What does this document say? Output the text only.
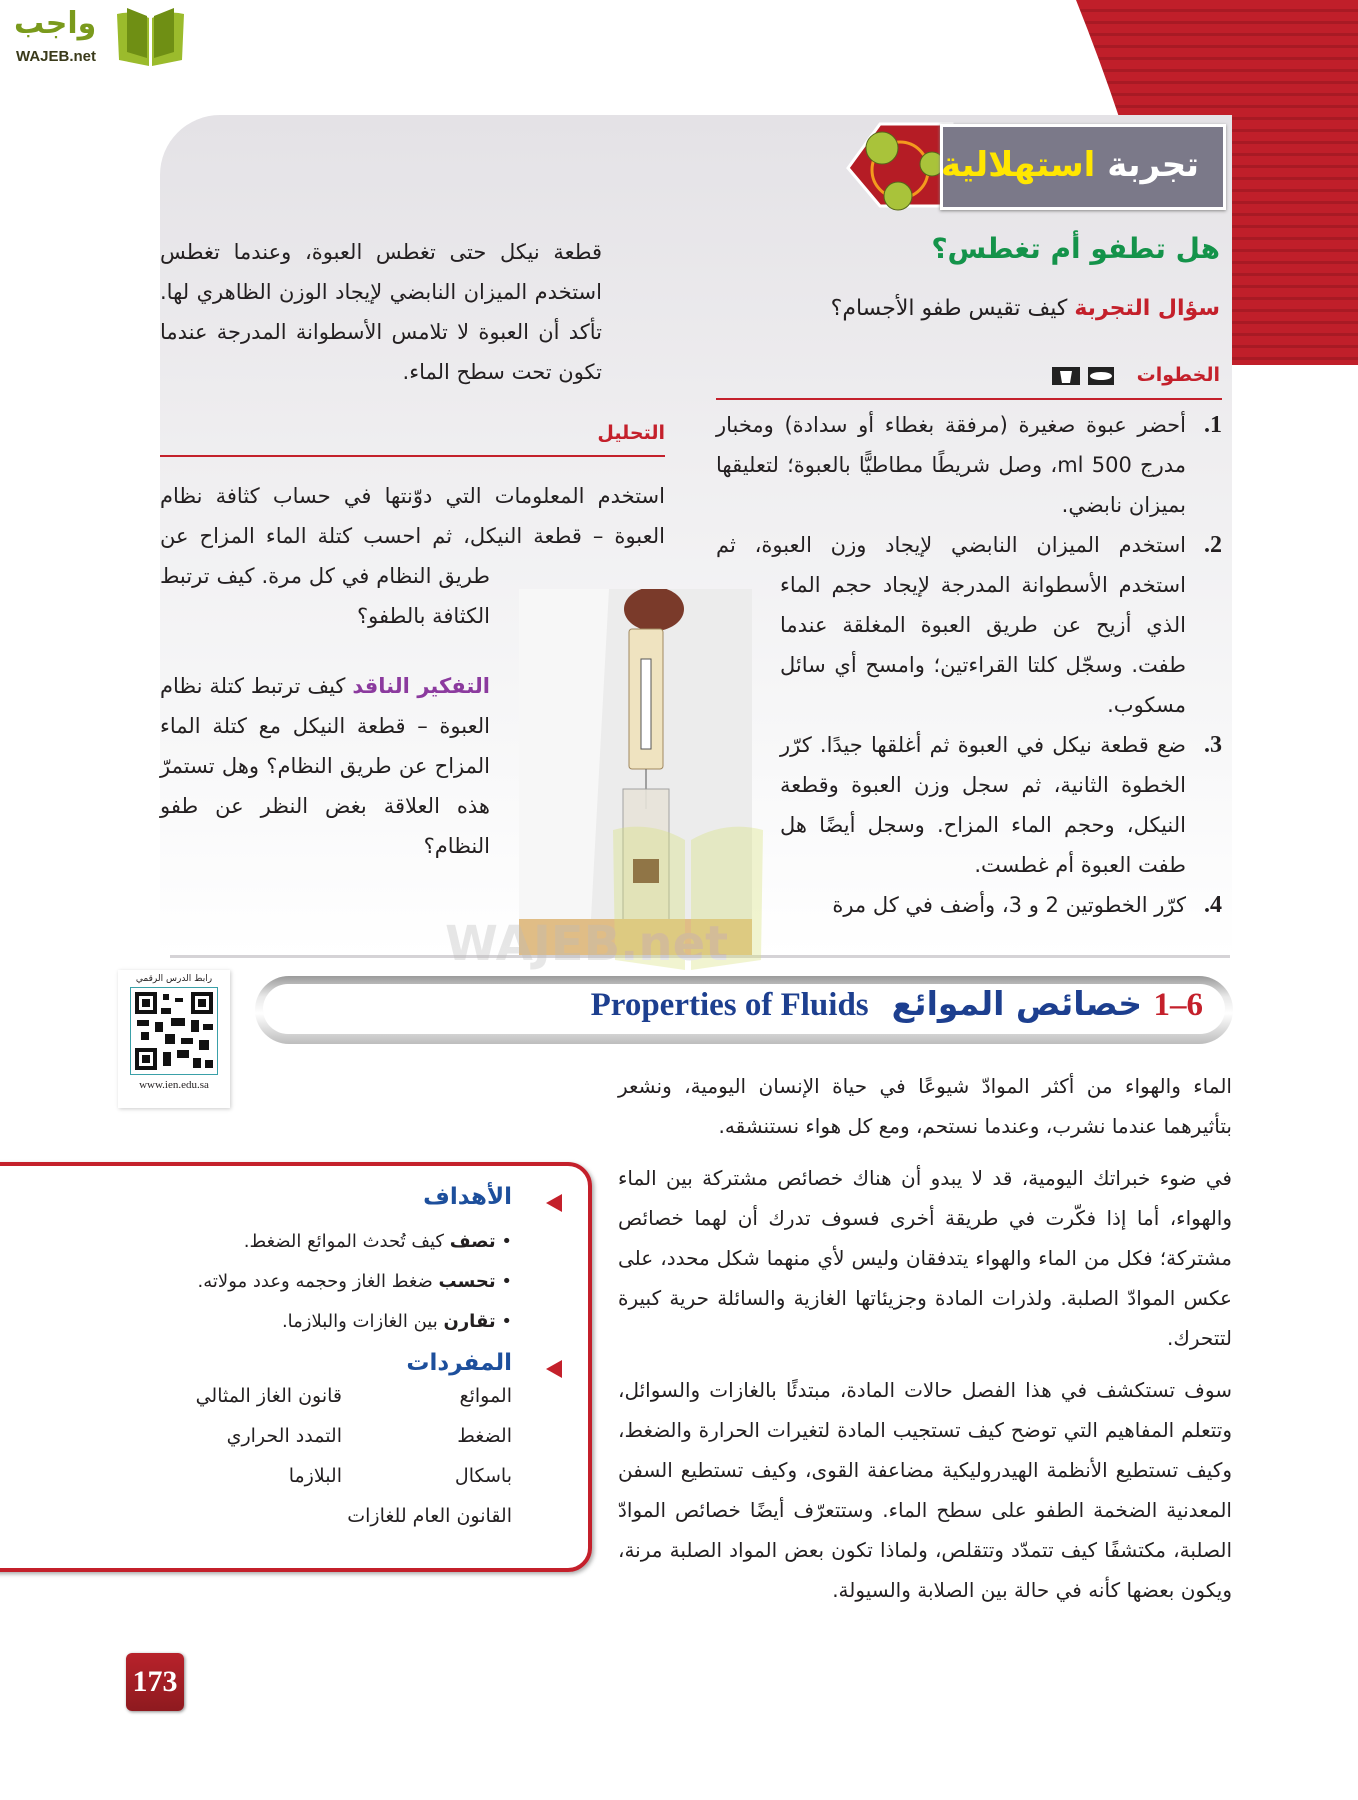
واجب
WAJEB.net
تجربة استهلالية
هل تطفو أم تغطس؟
سؤال التجربة كيف تقيس طفو الأجسام؟
الخطوات
1.
أحضر عبوة صغيرة (مرفقة بغطاء أو سدادة) ومخبار مدرج 500 ml، وصل شريطًا مطاطيًّا بالعبوة؛ لتعليقها بميزان نابضي.
2.
استخدم الميزان النابضي لإيجاد وزن العبوة، ثم استخدم الأسطوانة المدرجة لإيجاد حجم الماء الذي أزيح عن طريق العبوة المغلقة عندما طفت. وسجّل كلتا القراءتين؛ وامسح أي سائل مسكوب.
3.
ضع قطعة نيكل في العبوة ثم أغلقها جيدًا. كرّر الخطوة الثانية، ثم سجل وزن العبوة وقطعة النيكل، وحجم الماء المزاح. وسجل أيضًا هل طفت العبوة أم غطست.
4.
كرّر الخطوتين 2 و 3، وأضف في كل مرة
قطعة نيكل حتى تغطس العبوة، وعندما تغطس استخدم الميزان النابضي لإيجاد الوزن الظاهري لها. تأكد أن العبوة لا تلامس الأسطوانة المدرجة عندما تكون تحت سطح الماء.
التحليل

استخدم المعلومات التي دوّنتها في حساب كثافة نظام العبوة – قطعة النيكل، ثم احسب كتلة الماء المزاح عن طريق النظام في كل مرة. كيف ترتبط الكثافة بالطفو؟

التفكير الناقد كيف ترتبط كتلة نظام العبوة – قطعة النيكل مع كتلة الماء المزاح عن طريق النظام؟ وهل تستمرّ هذه العلاقة بغض النظر عن طفو النظام؟

WAJEB.net
6–1 خصائص الموائع  Properties of Fluids
رابط الدرس الرقمي
www.ien.edu.sa
الأهداف
• تصف كيف تُحدث الموائع الضغط.
• تحسب ضغط الغاز وحجمه وعدد مولاته.
• تقارن بين الغازات والبلازما.
المفردات
الموائعقانون الغاز المثالي الضغطالتمدد الحراري باسكالالبلازما القانون العام للغازات

الماء والهواء من أكثر الموادّ شيوعًا في حياة الإنسان اليومية، ونشعر بتأثيرهما عندما نشرب، وعندما نستحم، ومع كل هواء نستنشقه.

في ضوء خبراتك اليومية، قد لا يبدو أن هناك خصائص مشتركة بين الماء والهواء، أما إذا فكّرت في طريقة أخرى فسوف تدرك أن لهما خصائص مشتركة؛ فكل من الماء والهواء يتدفقان وليس لأي منهما شكل محدد، على عكس الموادّ الصلبة. ولذرات المادة وجزيئاتها الغازية والسائلة حرية كبيرة لتتحرك.

سوف تستكشف في هذا الفصل حالات المادة، مبتدئًا بالغازات والسوائل، وتتعلم المفاهيم التي توضح كيف تستجيب المادة لتغيرات الحرارة والضغط، وكيف تستطيع الأنظمة الهيدروليكية مضاعفة القوى، وكيف تستطيع السفن المعدنية الضخمة الطفو على سطح الماء. وستتعرّف أيضًا خصائص الموادّ الصلبة، مكتشفًا كيف تتمدّد وتتقلص، ولماذا تكون بعض المواد الصلبة مرنة، ويكون بعضها كأنه في حالة بين الصلابة والسيولة.

173
